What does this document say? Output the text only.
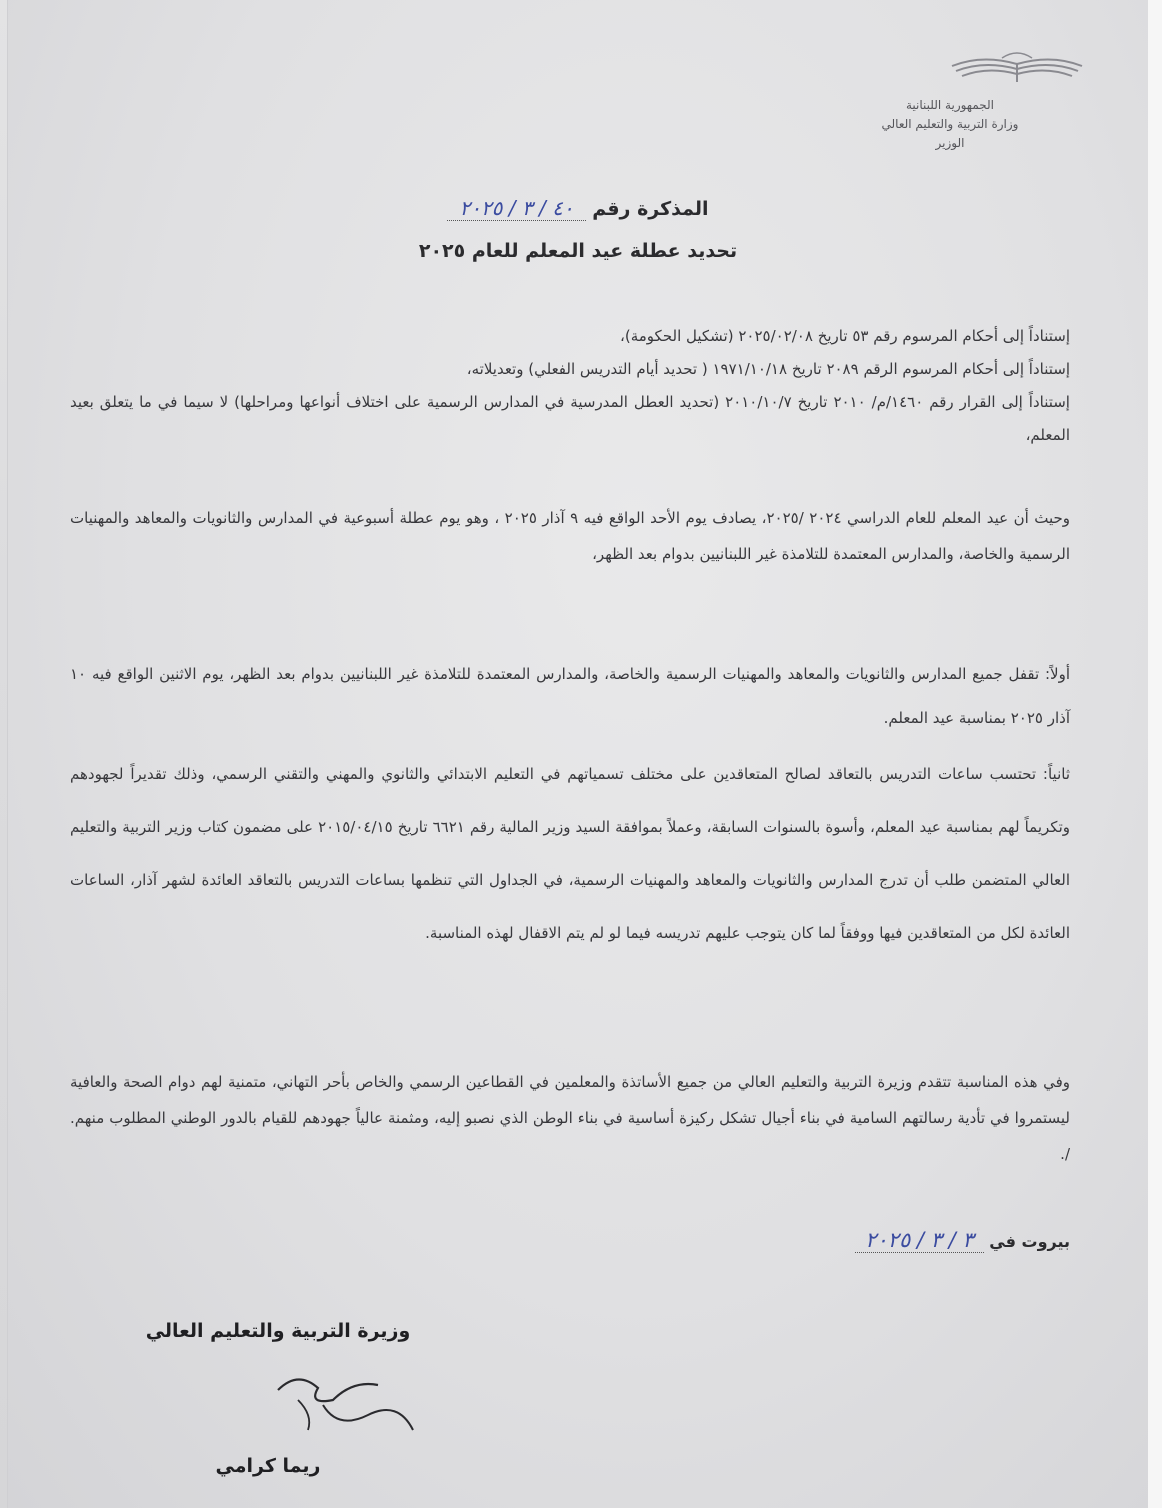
الجمهورية اللبنانية
وزارة التربية والتعليم العالي
الوزير
المذكرة رقم ٤٠ / ٣ / ٢٠٢٥
تحديد عطلة عيد المعلم للعام ٢٠٢٥

إستناداً إلى أحكام المرسوم رقم ٥٣ تاريخ ٢٠٢٥/٠٢/٠٨ (تشكيل الحكومة)،

إستناداً إلى أحكام المرسوم الرقم ٢٠٨٩ تاريخ ١٩٧١/١٠/١٨ ( تحديد أيام التدريس الفعلي) وتعديلاته،

إستناداً إلى القرار رقم ١٤٦٠/م/ ٢٠١٠ تاريخ ٢٠١٠/١٠/٧ (تحديد العطل المدرسية في المدارس الرسمية على اختلاف أنواعها ومراحلها) لا سيما في ما يتعلق بعيد المعلم،

وحيث أن عيد المعلم للعام الدراسي ٢٠٢٤ /٢٠٢٥، يصادف يوم الأحد الواقع فيه ٩ آذار ٢٠٢٥ ، وهو يوم عطلة أسبوعية في المدارس والثانويات والمعاهد والمهنيات الرسمية والخاصة، والمدارس المعتمدة للتلامذة غير اللبنانيين بدوام بعد الظهر،

أولاً: تقفل جميع المدارس والثانويات والمعاهد والمهنيات الرسمية والخاصة، والمدارس المعتمدة للتلامذة غير اللبنانيين بدوام بعد الظهر، يوم الاثنين الواقع فيه ١٠ آذار ٢٠٢٥ بمناسبة عيد المعلم.

ثانياً: تحتسب ساعات التدريس بالتعاقد لصالح المتعاقدين على مختلف تسمياتهم في التعليم الابتدائي والثانوي والمهني والتقني الرسمي، وذلك تقديراً لجهودهم وتكريماً لهم بمناسبة عيد المعلم، وأسوة بالسنوات السابقة، وعملاً بموافقة السيد وزير المالية رقم ٦٦٢١ تاريخ ٢٠١٥/٠٤/١٥ على مضمون كتاب وزير التربية والتعليم العالي المتضمن طلب أن تدرج المدارس والثانويات والمعاهد والمهنيات الرسمية، في الجداول التي تنظمها بساعات التدريس بالتعاقد العائدة لشهر آذار، الساعات العائدة لكل من المتعاقدين فيها ووفقاً لما كان يتوجب عليهم تدريسه فيما لو لم يتم الاقفال لهذه المناسبة.

وفي هذه المناسبة تتقدم وزيرة التربية والتعليم العالي من جميع الأساتذة والمعلمين في القطاعين الرسمي والخاص بأحر التهاني، متمنية لهم دوام الصحة والعافية ليستمروا في تأدية رسالتهم السامية في بناء أجيال تشكل ركيزة أساسية في بناء الوطن الذي نصبو إليه، ومثمنة عالياً جهودهم للقيام بالدور الوطني المطلوب منهم. /.

بيروت في ٣ / ٣ / ٢٠٢٥
وزيرة التربية والتعليم العالي
ريما كرامي
